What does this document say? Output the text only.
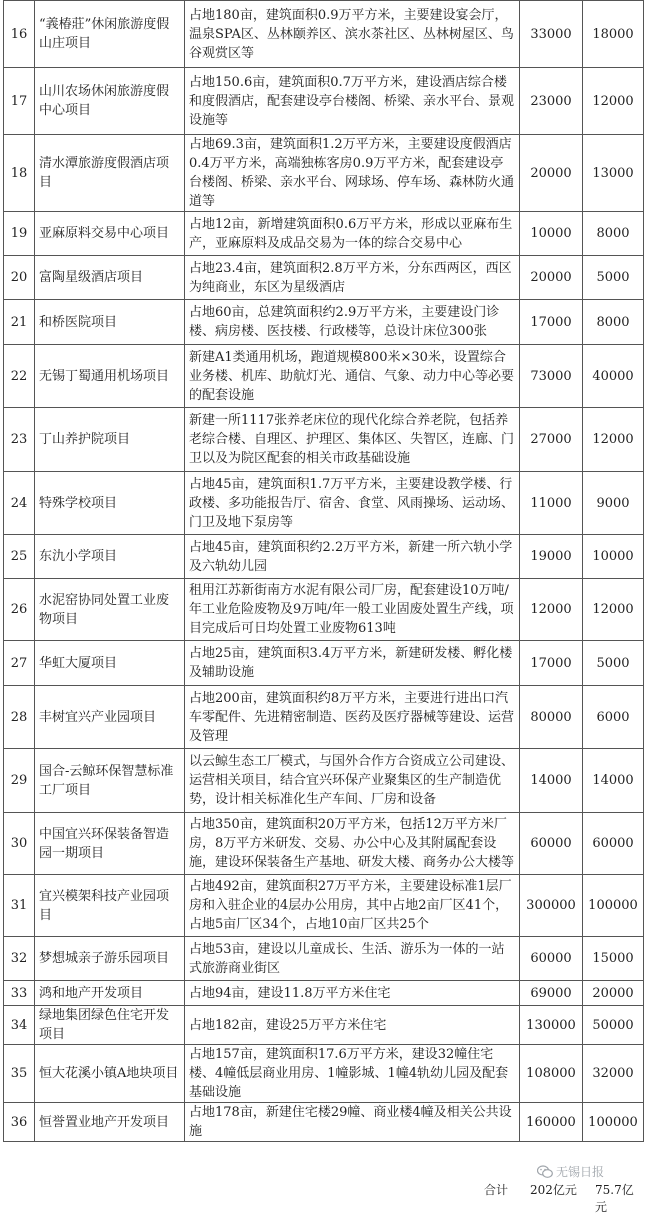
16	“義椿莊”休闲旅游度假山庄项目	占地180亩，建筑面积0.9万平方米，主要建设宴会厅，温泉SPA区、丛林颐养区、滨水茶社区、丛林树屋区、鸟谷观赏区等	33000	18000
17	山川农场休闲旅游度假中心项目	占地150.6亩，建筑面积0.7万平方米，建设酒店综合楼和度假酒店，配套建设亭台楼阁、桥梁、亲水平台、景观设施等	23000	12000
18	清水潭旅游度假酒店项目	占地69.3亩，建筑面积1.2万平方米，主要建设度假酒店0.4万平方米，高端独栋客房0.9万平方米，配套建设亭台楼阁、桥梁、亲水平台、网球场、停车场、森林防火通道等	20000	13000
19	亚麻原料交易中心项目	占地12亩，新增建筑面积0.6万平方米，形成以亚麻布生产，亚麻原料及成品交易为一体的综合交易中心	10000	8000
20	富陶星级酒店项目	占地23.4亩，建筑面积2.8万平方米，分东西两区，西区为纯商业，东区为星级酒店	20000	5000
21	和桥医院项目	占地60亩，总建筑面积约2.9万平方米，主要建设门诊楼、病房楼、医技楼、行政楼等，总设计床位300张	17000	8000
22	无锡丁蜀通用机场项目	新建A1类通用机场，跑道规模800米×30米，设置综合业务楼、机库、助航灯光、通信、气象、动力中心等必要的配套设施	73000	40000
23	丁山养护院项目	新建一所1117张养老床位的现代化综合养老院，包括养老综合楼、自理区、护理区、集体区、失智区，连廊、门卫以及为院区配套的相关市政基础设施	27000	12000
24	特殊学校项目	占地45亩，建筑面积1.7万平方米，主要建设教学楼、行政楼、多功能报告厅、宿舍、食堂、风雨操场、运动场、门卫及地下泵房等	11000	9000
25	东氿小学项目	占地45亩，建筑面积约2.2万平方米，新建一所六轨小学及六轨幼儿园	19000	10000
26	水泥窑协同处置工业废物项目	租用江苏新街南方水泥有限公司厂房，配套建设10万吨/年工业危险废物及9万吨/年一般工业固废处置生产线，项目完成后可日均处置工业废物613吨	12000	12000
27	华虹大厦项目	占地25亩，建筑面积3.4万平方米，新建研发楼、孵化楼及辅助设施	17000	5000
28	丰树宜兴产业园项目	占地200亩，建筑面积约8万平方米，主要进行进出口汽车零配件、先进精密制造、医药及医疗器械等建设、运营及管理	80000	6000
29	国合-云鲸环保智慧标准工厂项目	以云鲸生态工厂模式，与国外合作方合资成立公司建设、运营相关项目，结合宜兴环保产业聚集区的生产制造优势，设计相关标准化生产车间、厂房和设备	14000	14000
30	中国宜兴环保装备智造园一期项目	占地350亩，建筑面积20万平方米，包括12万平方米厂房，8万平方米研发、交易、办公中心及其附属配套设施，建设环保装备生产基地、研发大楼、商务办公大楼等	60000	60000
31	宜兴模架科技产业园项目	占地492亩，建筑面积27万平方米，主要建设标准1层厂房和入驻企业的4层办公用房，其中占地2亩厂区41个，占地5亩厂区34个，占地10亩厂区共25个	300000	100000
32	梦想城亲子游乐园项目	占地53亩，建设以儿童成长、生活、游乐为一体的一站式旅游商业街区	60000	15000
33	鸿和地产开发项目	占地94亩，建设11.8万平方米住宅	69000	20000
34	绿地集团绿色住宅开发项目	占地182亩，建设25万平方米住宅	130000	50000
35	恒大花溪小镇A地块项目	占地157亩，建筑面积17.6万平方米，建设32幢住宅楼、4幢低层商业用房、1幢影城、1幢4轨幼儿园及配套基础设施	108000	32000
36	恒誉置业地产开发项目	占地178亩，新建住宅楼29幢、商业楼4幢及相关公共设施	160000	100000
合计 202亿元 75.7亿元
无锡日报
